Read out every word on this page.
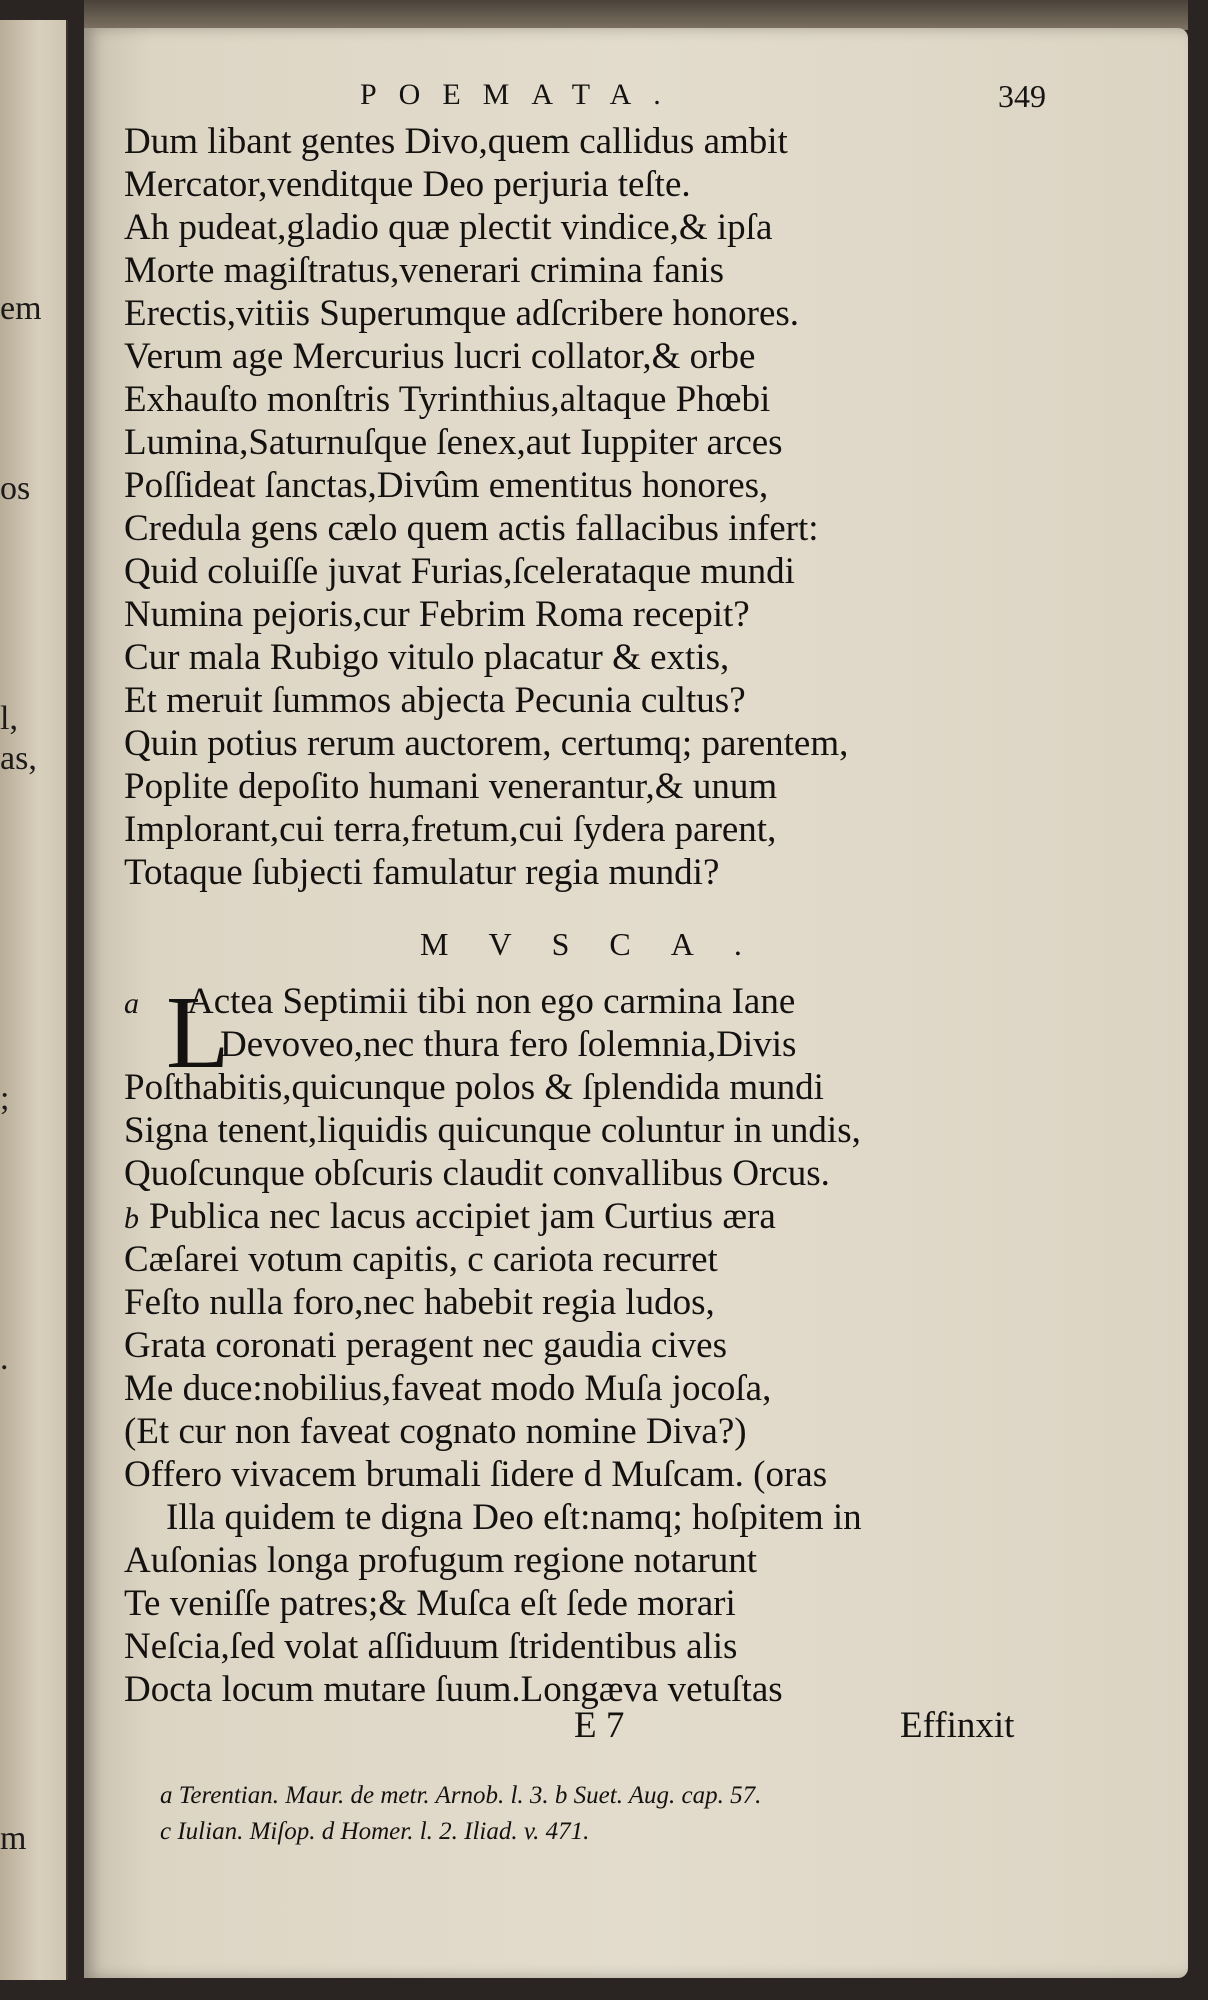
em
os
l,
as,
;
.
m
POEMATA.	349
Dum libant gentes Divo,quem callidus ambit
Mercator,venditque Deo perjuria teſte.
Ah pudeat,gladio quæ plectit vindice,& ipſa
Morte magiſtratus,venerari crimina fanis
Erectis,vitiis Superumque adſcribere honores.
Verum age Mercurius lucri collator,& orbe
Exhauſto monſtris Tyrinthius,altaque Phœbi
Lumina,Saturnuſque ſenex,aut Iuppiter arces
Poſſideat ſanctas,Divûm ementitus honores,
Credula gens cælo quem actis fallacibus infert:
Quid coluiſſe juvat Furias,ſcelerataque mundi
Numina pejoris,cur Febrim Roma recepit?
Cur mala Rubigo vitulo placatur & extis,
Et meruit ſummos abjecta Pecunia cultus?
Quin potius rerum auctorem, certumq; parentem,
Poplite depoſito humani venerantur,& unum
Implorant,cui terra,fretum,cui ſydera parent,
Totaque ſubjecti famulatur regia mundi?
MVSCA.
L
a Actea Septimii tibi non ego carmina Iane
Devoveo,nec thura fero ſolemnia,Divis
Poſthabitis,quicunque polos & ſplendida mundi
Signa tenent,liquidis quicunque coluntur in undis,
Quoſcunque obſcuris claudit convallibus Orcus.
b Publica nec lacus accipiet jam Curtius æra
Cæſarei votum capitis, c cariota recurret
Feſto nulla foro,nec habebit regia ludos,
Grata coronati peragent nec gaudia cives
Me duce:nobilius,faveat modo Muſa jocoſa,
(Et cur non faveat cognato nomine Diva?)
Offero vivacem brumali ſidere d Muſcam. (oras
Illa quidem te digna Deo eſt:namq; hoſpitem in
Auſonias longa profugum regione notarunt
Te veniſſe patres;& Muſca eſt ſede morari
Neſcia,ſed volat aſſiduum ſtridentibus alis
Docta locum mutare ſuum.Longæva vetuſtas
E 7	Effinxit
a Terentian. Maur. de metr. Arnob. l. 3. b Suet. Aug. cap. 57.
c Iulian. Miſop. d Homer. l. 2. Iliad. v. 471.
